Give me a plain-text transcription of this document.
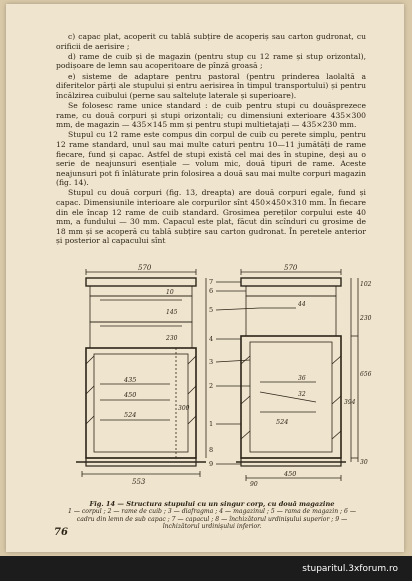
c) capac plat, acoperit cu tablă subțire de acoperiș sau carton gudronat, cu orificii de aerisire ;

d) rame de cuib și de magazin (pentru stup cu 12 rame și stup orizontal), podișoare de lemn sau acoperitoare de pînză groasă ;

e) sisteme de adaptare pentru pastoral (pentru prinderea laolaltă a diferitelor părți ale stupului și entru aerisirea în timpul transportului) și pentru încălzirea cuibului (perne sau salteluțe laterale și superioare).

Se folosesc rame unice standard : de cuib pentru stupi cu douăsprezece rame, cu două corpuri și stupi orizontali; cu dimensiuni exterioare 435×300 mm, de magazin — 435×145 mm și pentru stupi multietajați — 435×230 mm.

Stupul cu 12 rame este compus din corpul de cuib cu perete simplu, pentru 12 rame standard, unul sau mai multe caturi pentru 10—11 jumătăți de rame fiecare, fund și capac. Astfel de stupi există cel mai des în stupine, deși au o serie de neajunsuri esențiale — volum mic, două tipuri de rame. Aceste neajunsuri pot fi înlăturate prin folosirea a două sau mai multe corpuri magazin (fig. 14).

Stupul cu două corpuri (fig. 13, dreapta) are două corpuri egale, fund și capac. Dimensiunile interioare ale corpurilor sînt 450×450×310 mm. În fiecare din ele încap 12 rame de cuib standard. Grosimea pereților corpului este 40 mm, a fundului — 30 mm. Capacul este plat, făcut din scînduri cu grosime de 18 mm și se acoperă cu tablă subțire sau carton gudronat. În peretele anterior și posterior al capacului sînt

570
450
435
524
553
10
145
230
300
570
44
36
32
524
450
90
102
230
656
394
30
7
6
5
4
3
2
1
8
9
Fig. 14 — Structura stupului cu un singur corp, cu două magazine
1 — corpul ; 2 — rame de cuib ; 3 — diafragma ; 4 — magazinul ; 5 — rama de magazin ; 6 — cadru din lemn de sub capac ; 7 — capacul ; 8 — închizătorul urdinișului superior ; 9 — închizătorul urdinișului inferior.
76
stuparitul.3xforum.ro
